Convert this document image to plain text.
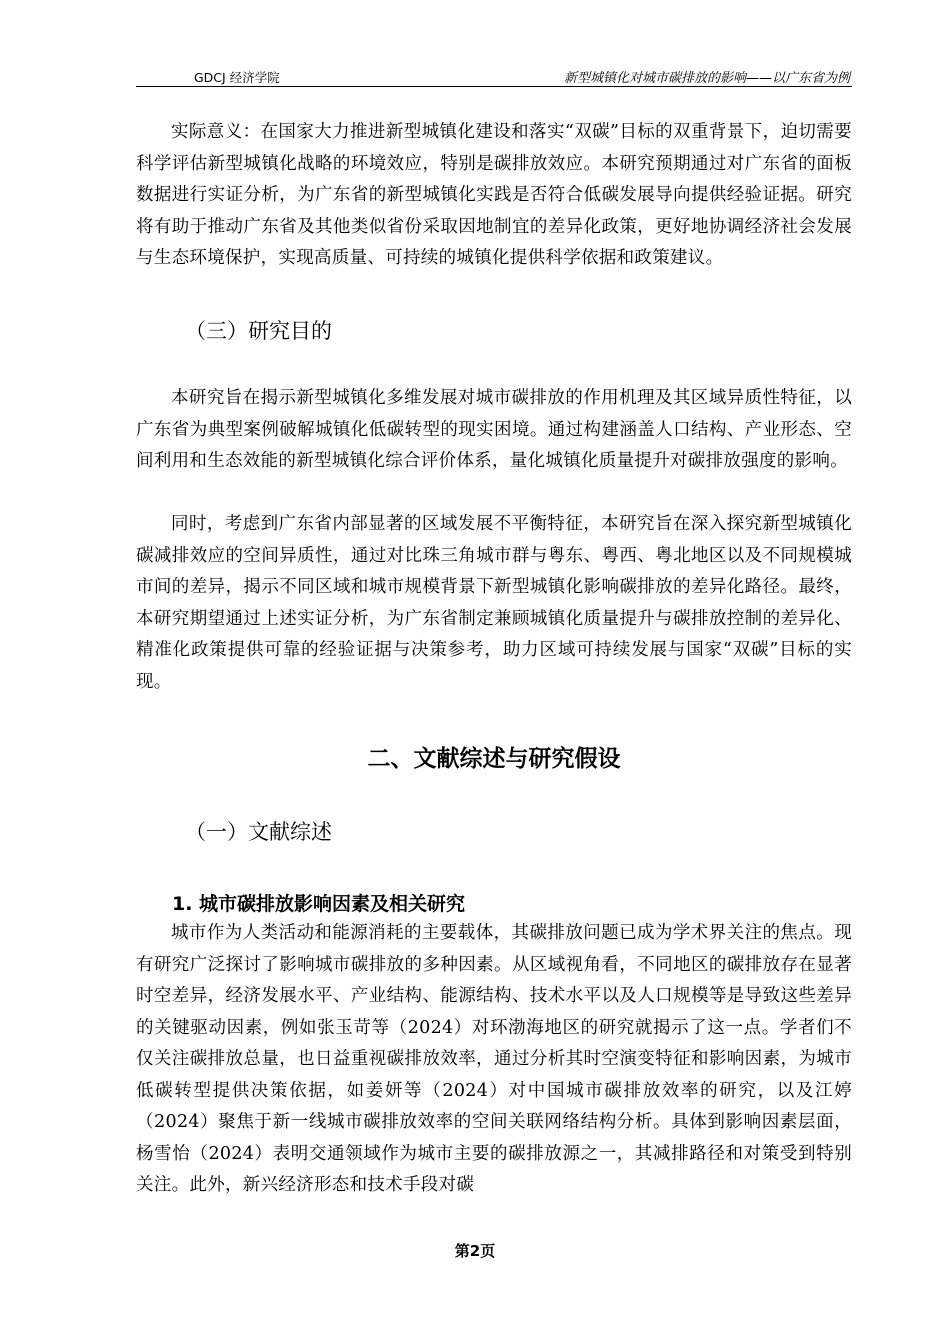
GDCJ 经济学院	新型城镇化对城市碳排放的影响——以广东省为例

实际意义：在国家大力推进新型城镇化建设和落实“双碳”目标的双重背景下，迫切需要科学评估新型城镇化战略的环境效应，特别是碳排放效应。本研究预期通过对广东省的面板数据进行实证分析，为广东省的新型城镇化实践是否符合低碳发展导向提供经验证据。研究将有助于推动广东省及其他类似省份采取因地制宜的差异化政策，更好地协调经济社会发展与生态环境保护，实现高质量、可持续的城镇化提供科学依据和政策建议。

（三）研究目的

本研究旨在揭示新型城镇化多维发展对城市碳排放的作用机理及其区域异质性特征，以广东省为典型案例破解城镇化低碳转型的现实困境。通过构建涵盖人口结构、产业形态、空间利用和生态效能的新型城镇化综合评价体系，量化城镇化质量提升对碳排放强度的影响。

同时，考虑到广东省内部显著的区域发展不平衡特征，本研究旨在深入探究新型城镇化碳减排效应的空间异质性，通过对比珠三角城市群与粤东、粤西、粤北地区以及不同规模城市间的差异，揭示不同区域和城市规模背景下新型城镇化影响碳排放的差异化路径。最终，本研究期望通过上述实证分析，为广东省制定兼顾城镇化质量提升与碳排放控制的差异化、精准化政策提供可靠的经验证据与决策参考，助力区域可持续发展与国家“双碳”目标的实现。

二、文献综述与研究假设
（一）文献综述
1. 城市碳排放影响因素及相关研究

城市作为人类活动和能源消耗的主要载体，其碳排放问题已成为学术界关注的焦点。现有研究广泛探讨了影响城市碳排放的多种因素。从区域视角看，不同地区的碳排放存在显著时空差异，经济发展水平、产业结构、能源结构、技术水平以及人口规模等是导致这些差异的关键驱动因素，例如张玉苛等（2024）对环渤海地区的研究就揭示了这一点。学者们不仅关注碳排放总量，也日益重视碳排放效率，通过分析其时空演变特征和影响因素，为城市低碳转型提供决策依据，如姜妍等（2024）对中国城市碳排放效率的研究，以及江婷（2024）聚焦于新一线城市碳排放效率的空间关联网络结构分析。具体到影响因素层面，杨雪怡（2024）表明交通领域作为城市主要的碳排放源之一，其减排路径和对策受到特别关注。此外，新兴经济形态和技术手段对碳

第2页
